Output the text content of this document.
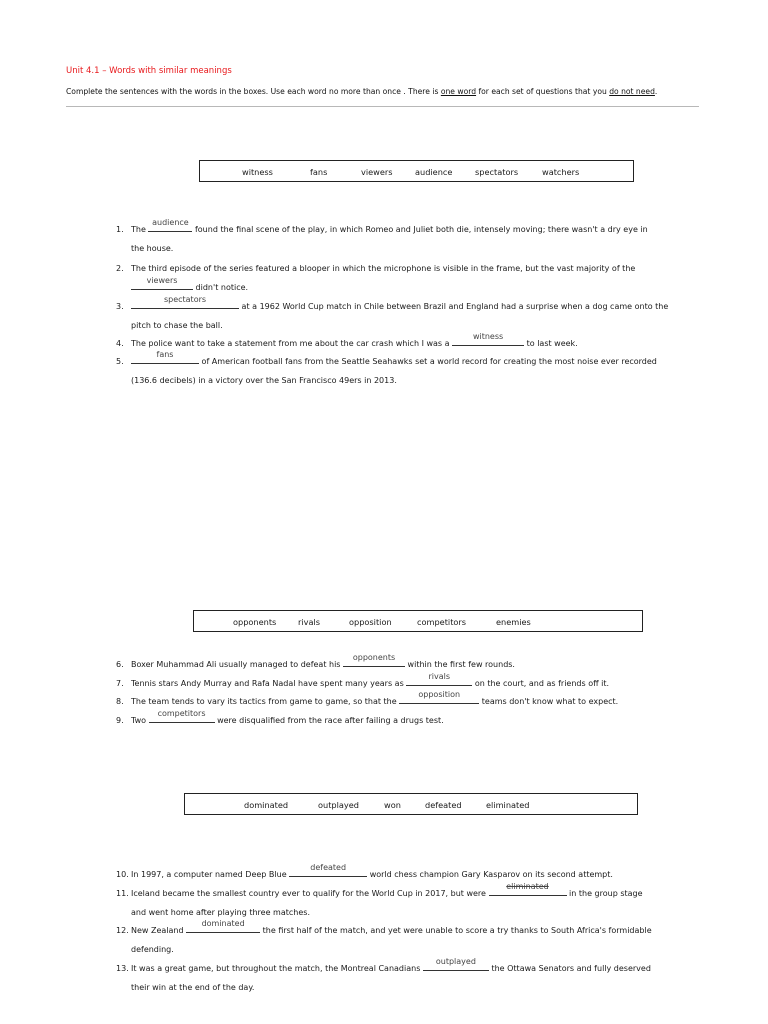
Unit 4.1 – Words with similar meanings
Complete the sentences with the words in the boxes. Use each word no more than once . There is one word for each set of questions that you do not need.
witness	fans	viewers	audience	spectators	watchers
1. The
audience
found the final scene of the play, in which Romeo and Juliet both die, intensely moving; there wasn't a dry eye in
the house.
2. The third episode of the series featured a blooper in which the microphone is visible in the frame, but the vast majority of the

viewers
didn't notice.
3.
spectators
at a 1962 World Cup match in Chile between Brazil and England had a surprise when a dog came onto the
pitch to chase the ball.
4. The police want to take a statement from me about the car crash which I was a
witness
to last week.
5.
fans
of American football fans from the Seattle Seahawks set a world record for creating the most noise ever recorded
(136.6 decibels) in a victory over the San Francisco 49ers in 2013.
opponents	rivals	opposition	competitors	enemies
6. Boxer Muhammad Ali usually managed to defeat his
opponents
within the first few rounds.
7. Tennis stars Andy Murray and Rafa Nadal have spent many years as
rivals
on the court, and as friends off it.
8. The team tends to vary its tactics from game to game, so that the
opposition
teams don't know what to expect.
9. Two
competitors
were disqualified from the race after failing a drugs test.
dominated	outplayed	won	defeated	eliminated
10. In 1997, a computer named Deep Blue
defeated
world chess champion Gary Kasparov on its second attempt.
11. Iceland became the smallest country ever to qualify for the World Cup in 2017, but were
eliminated
in the group stage
and went home after playing three matches.
12. New Zealand
dominated
the first half of the match, and yet were unable to score a try thanks to South Africa's formidable
defending.
13. It was a great game, but throughout the match, the Montreal Canadians
outplayed
the Ottawa Senators and fully deserved
their win at the end of the day.
